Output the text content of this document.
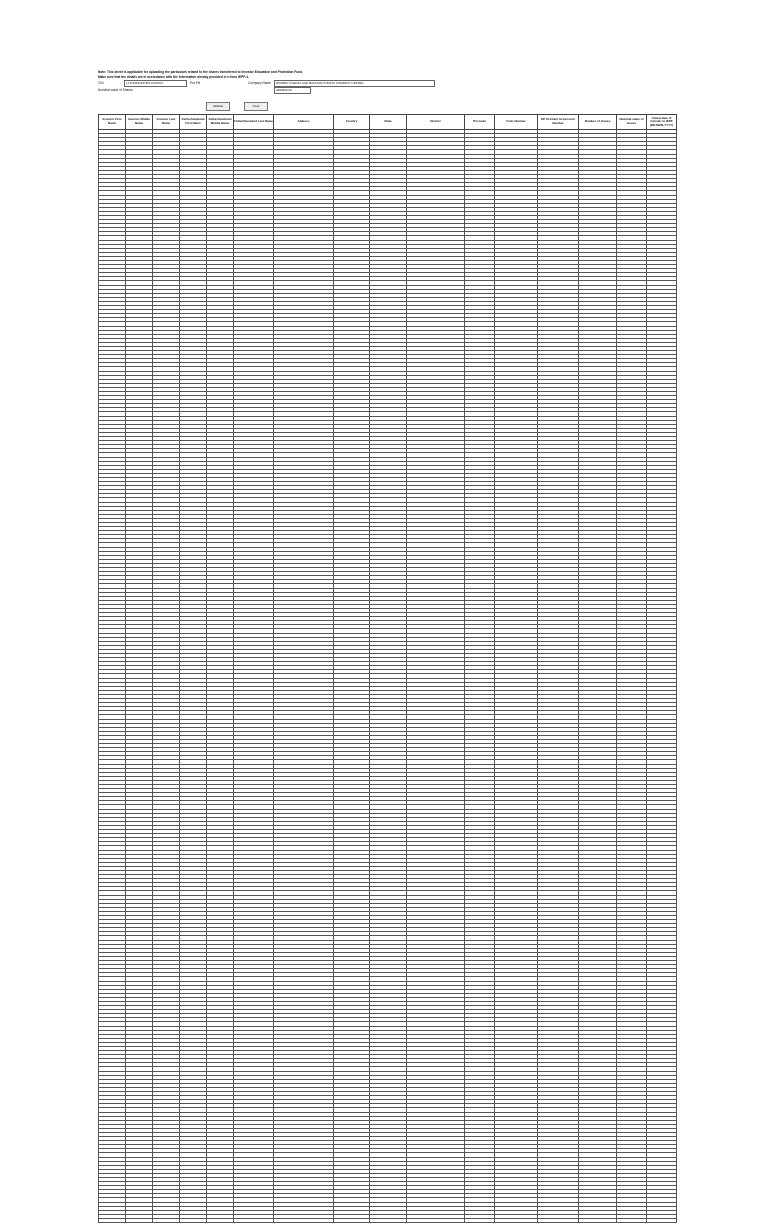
Note: This sheet is applicable for uploading the particulars related to the shares transferred to Investor Education and Protection Fund.
Make sure that the details are in accordance with the information already provided in e-form IEPF-4.
CIN	L17120MH1973PLC016547	Pre-Fill	Company Name	BOMBAY DYEING AND MANUFACTURING COMPANY LIMITED
Nominal value of Shares	4484603.00
Validate	Clear
Investor First Name	Investor Middle Name	Investor Last Name	Father/Husband First Name	Father/Husband Middle Name	Father/Husband Last Name	Address	Country	State	District	Pin Code	Folio Number	DP Id-Client Id-Account Number	Number of shares	Nominal value of shares	Actual date of transfer to IEPF (DD-MON-YYYY)
